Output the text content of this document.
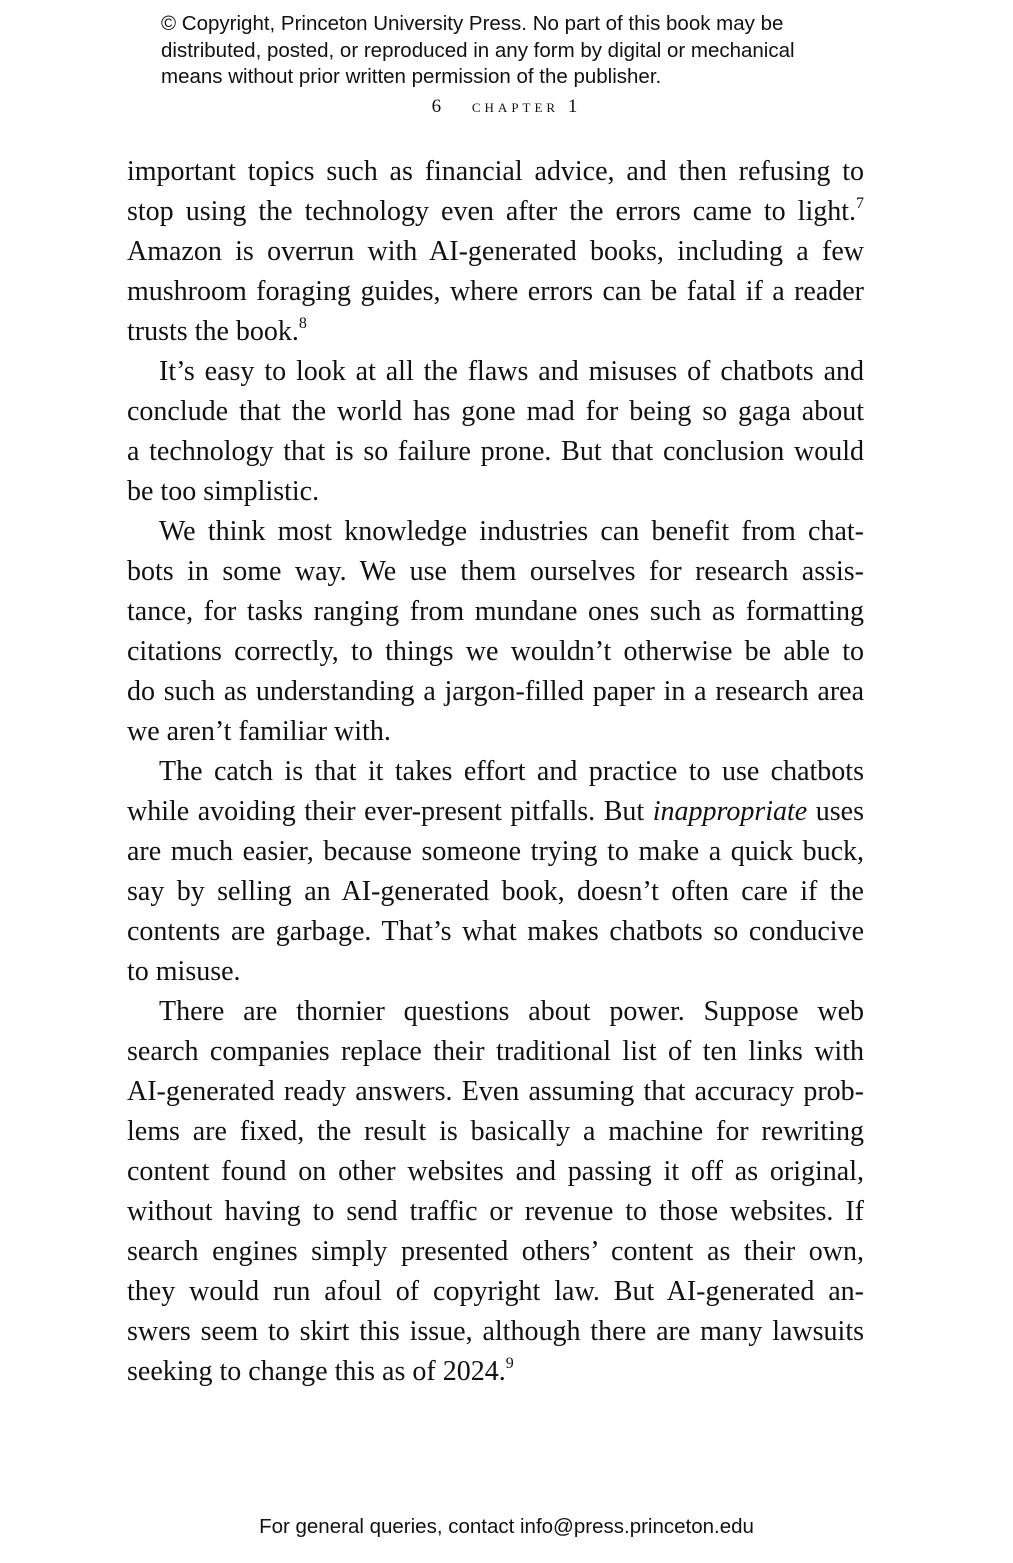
© Copyright, Princeton University Press. No part of this book may be
distributed, posted, or reproduced in any form by digital or mechanical
means without prior written permission of the publisher.
6 chapter 1
important topics such as financial advice, and then refusing to
stop using the technology even after the errors came to light.$^7$
Amazon is overrun with AI-generated books, including a few
mushroom foraging guides, where errors can be fatal if a reader
trusts the book.$^8$
It’s easy to look at all the flaws and misuses of chatbots and
conclude that the world has gone mad for being so gaga about
a technology that is so failure prone. But that conclusion would
be too simplistic.
We think most knowledge industries can benefit from chat-
bots in some way. We use them ourselves for research assis-
tance, for tasks ranging from mundane ones such as formatting
citations correctly, to things we wouldn’t otherwise be able to
do such as understanding a jargon-filled paper in a research area
we aren’t familiar with.
The catch is that it takes effort and practice to use chatbots
while avoiding their ever-present pitfalls. But inappropriate uses
are much easier, because someone trying to make a quick buck,
say by selling an AI-generated book, doesn’t often care if the
contents are garbage. That’s what makes chatbots so conducive
to misuse.
There are thornier questions about power. Suppose web
search companies replace their traditional list of ten links with
AI-generated ready answers. Even assuming that accuracy prob-
lems are fixed, the result is basically a machine for rewriting
content found on other websites and passing it off as original,
without having to send traffic or revenue to those websites. If
search engines simply presented others’ content as their own,
they would run afoul of copyright law. But AI-generated an-
swers seem to skirt this issue, although there are many lawsuits
seeking to change this as of 2024.$^9$
For general queries, contact info@press.princeton.edu
